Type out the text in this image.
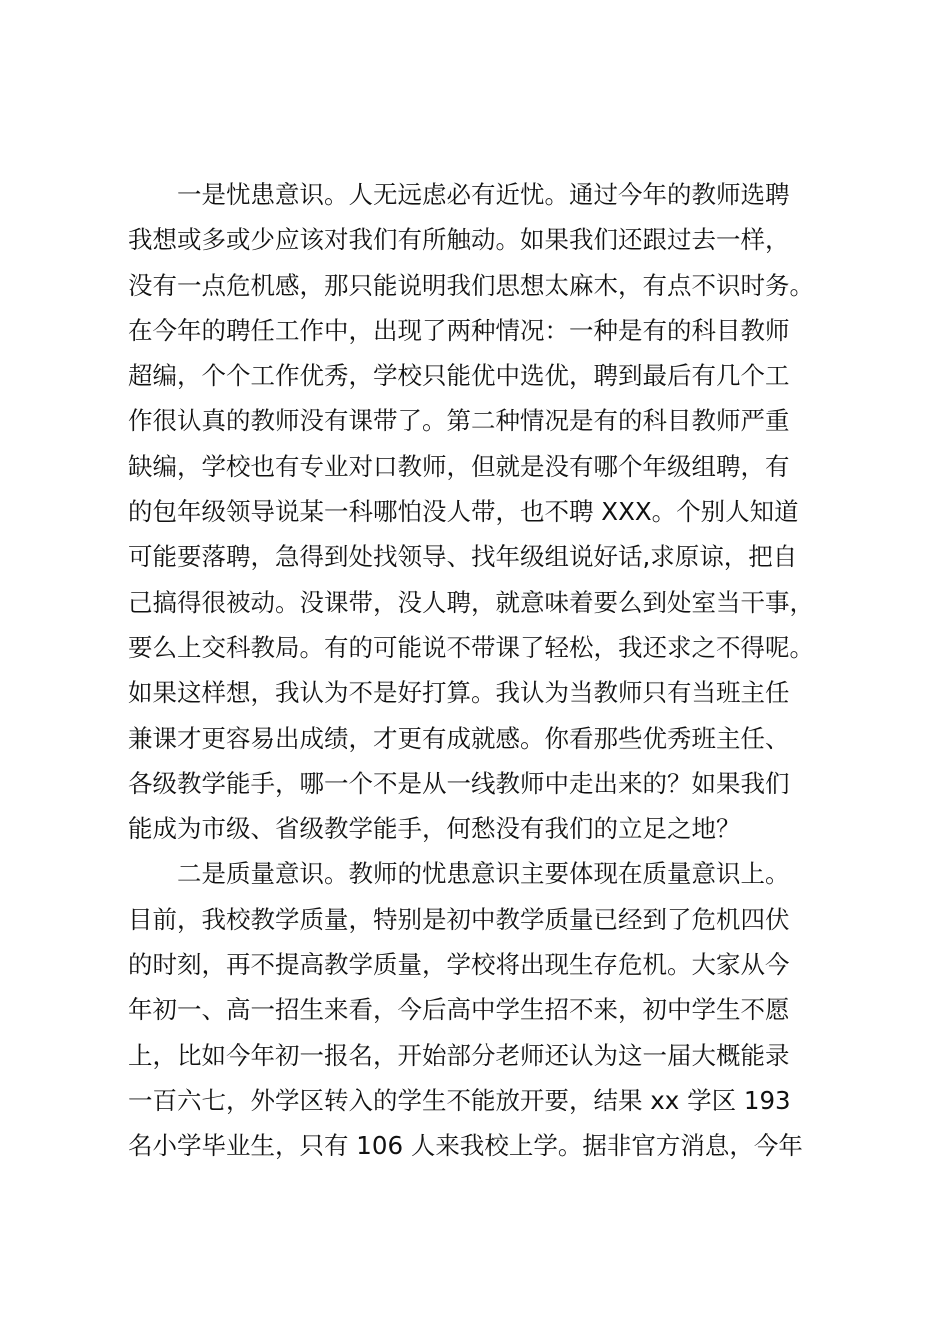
一是忧患意识。人无远虑必有近忧。通过今年的教师选聘
我想或多或少应该对我们有所触动。如果我们还跟过去一样，
没有一点危机感，那只能说明我们思想太麻木，有点不识时务。
在今年的聘任工作中，出现了两种情况：一种是有的科目教师
超编，个个工作优秀，学校只能优中选优，聘到最后有几个工
作很认真的教师没有课带了。第二种情况是有的科目教师严重
缺编，学校也有专业对口教师，但就是没有哪个年级组聘，有
的包年级领导说某一科哪怕没人带，也不聘 XXX。个别人知道
可能要落聘，急得到处找领导、找年级组说好话,求原谅，把自
己搞得很被动。没课带，没人聘，就意味着要么到处室当干事，
要么上交科教局。有的可能说不带课了轻松，我还求之不得呢。
如果这样想，我认为不是好打算。我认为当教师只有当班主任
兼课才更容易出成绩，才更有成就感。你看那些优秀班主任、
各级教学能手，哪一个不是从一线教师中走出来的？如果我们
能成为市级、省级教学能手，何愁没有我们的立足之地？
二是质量意识。教师的忧患意识主要体现在质量意识上。
目前，我校教学质量，特别是初中教学质量已经到了危机四伏
的时刻，再不提高教学质量，学校将出现生存危机。大家从今
年初一、高一招生来看，今后高中学生招不来，初中学生不愿
上，比如今年初一报名，开始部分老师还认为这一届大概能录
一百六七，外学区转入的学生不能放开要，结果 xx 学区 193
名小学毕业生，只有 106 人来我校上学。据非官方消息，今年
